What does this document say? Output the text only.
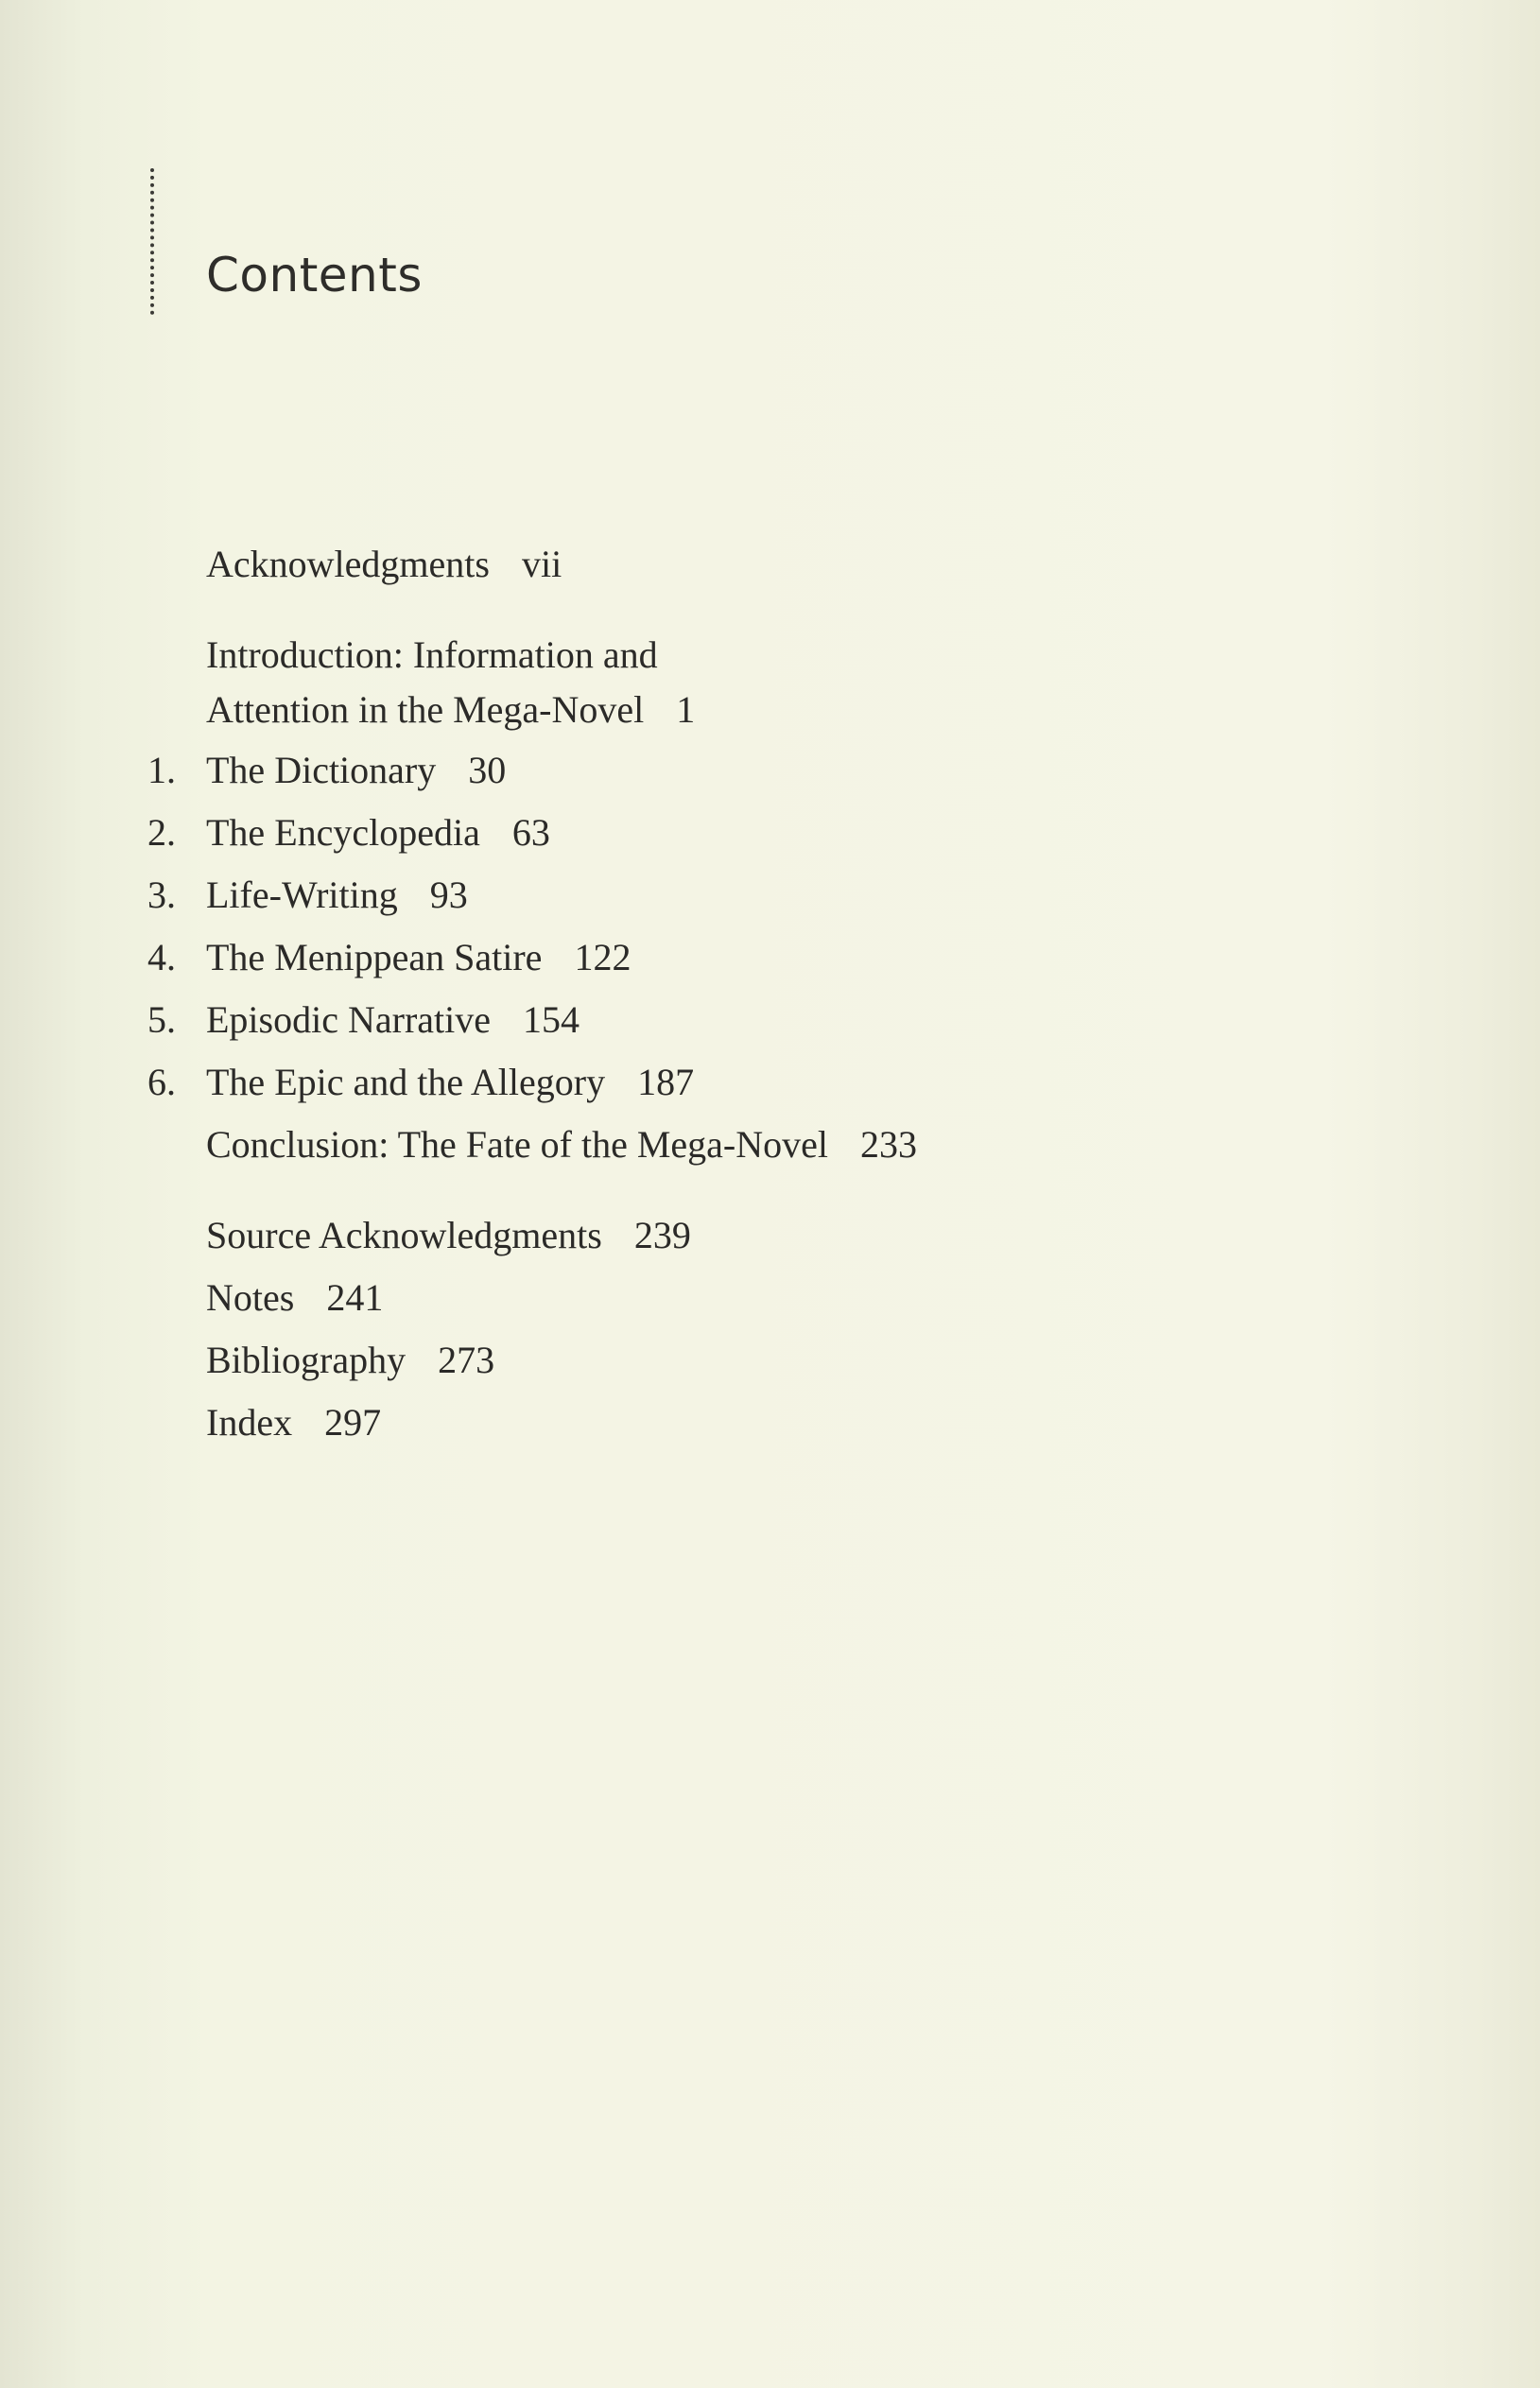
Contents
Acknowledgments vii
Introduction: Information and
Attention in the Mega-Novel 1
1. The Dictionary 30
2. The Encyclopedia 63
3. Life-Writing 93
4. The Menippean Satire 122
5. Episodic Narrative 154
6. The Epic and the Allegory 187
Conclusion: The Fate of the Mega-Novel 233
Source Acknowledgments 239
Notes 241
Bibliography 273
Index 297
